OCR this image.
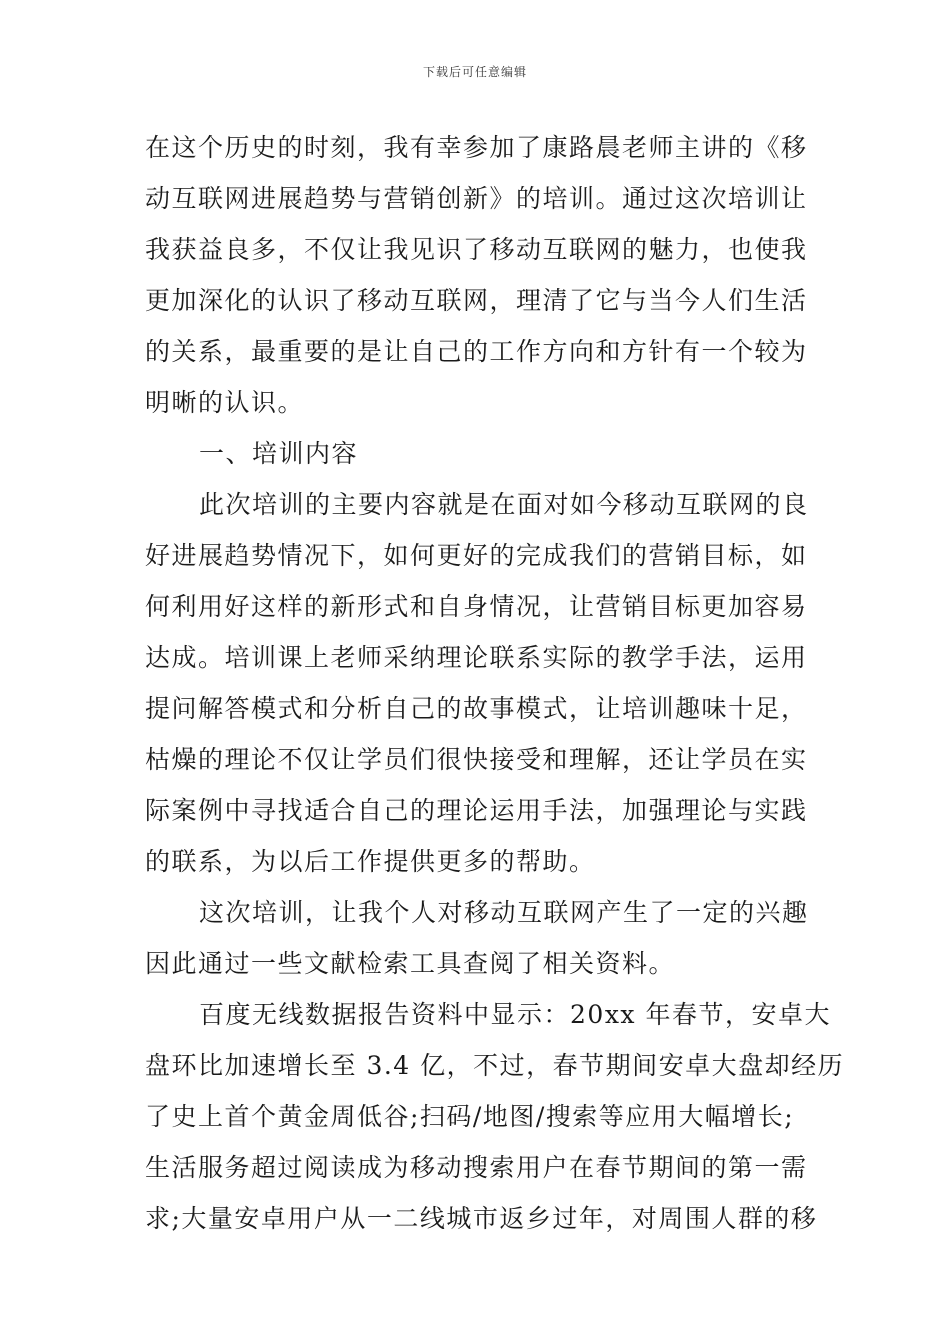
下载后可任意编辑
在这个历史的时刻，我有幸参加了康路晨老师主讲的《移
动互联网进展趋势与营销创新》的培训。通过这次培训让
我获益良多，不仅让我见识了移动互联网的魅力，也使我
更加深化的认识了移动互联网，理清了它与当今人们生活
的关系，最重要的是让自己的工作方向和方针有一个较为
明晰的认识。
一、培训内容
此次培训的主要内容就是在面对如今移动互联网的良
好进展趋势情况下，如何更好的完成我们的营销目标，如
何利用好这样的新形式和自身情况，让营销目标更加容易
达成。培训课上老师采纳理论联系实际的教学手法，运用
提问解答模式和分析自己的故事模式，让培训趣味十足，
枯燥的理论不仅让学员们很快接受和理解，还让学员在实
际案例中寻找适合自己的理论运用手法，加强理论与实践
的联系，为以后工作提供更多的帮助。
这次培训，让我个人对移动互联网产生了一定的兴趣
因此通过一些文献检索工具查阅了相关资料。
百度无线数据报告资料中显示：20xx 年春节，安卓大
盘环比加速增长至 3.4 亿，不过，春节期间安卓大盘却经历
了史上首个黄金周低谷;扫码/地图/搜索等应用大幅增长;
生活服务超过阅读成为移动搜索用户在春节期间的第一需
求;大量安卓用户从一二线城市返乡过年，对周围人群的移
